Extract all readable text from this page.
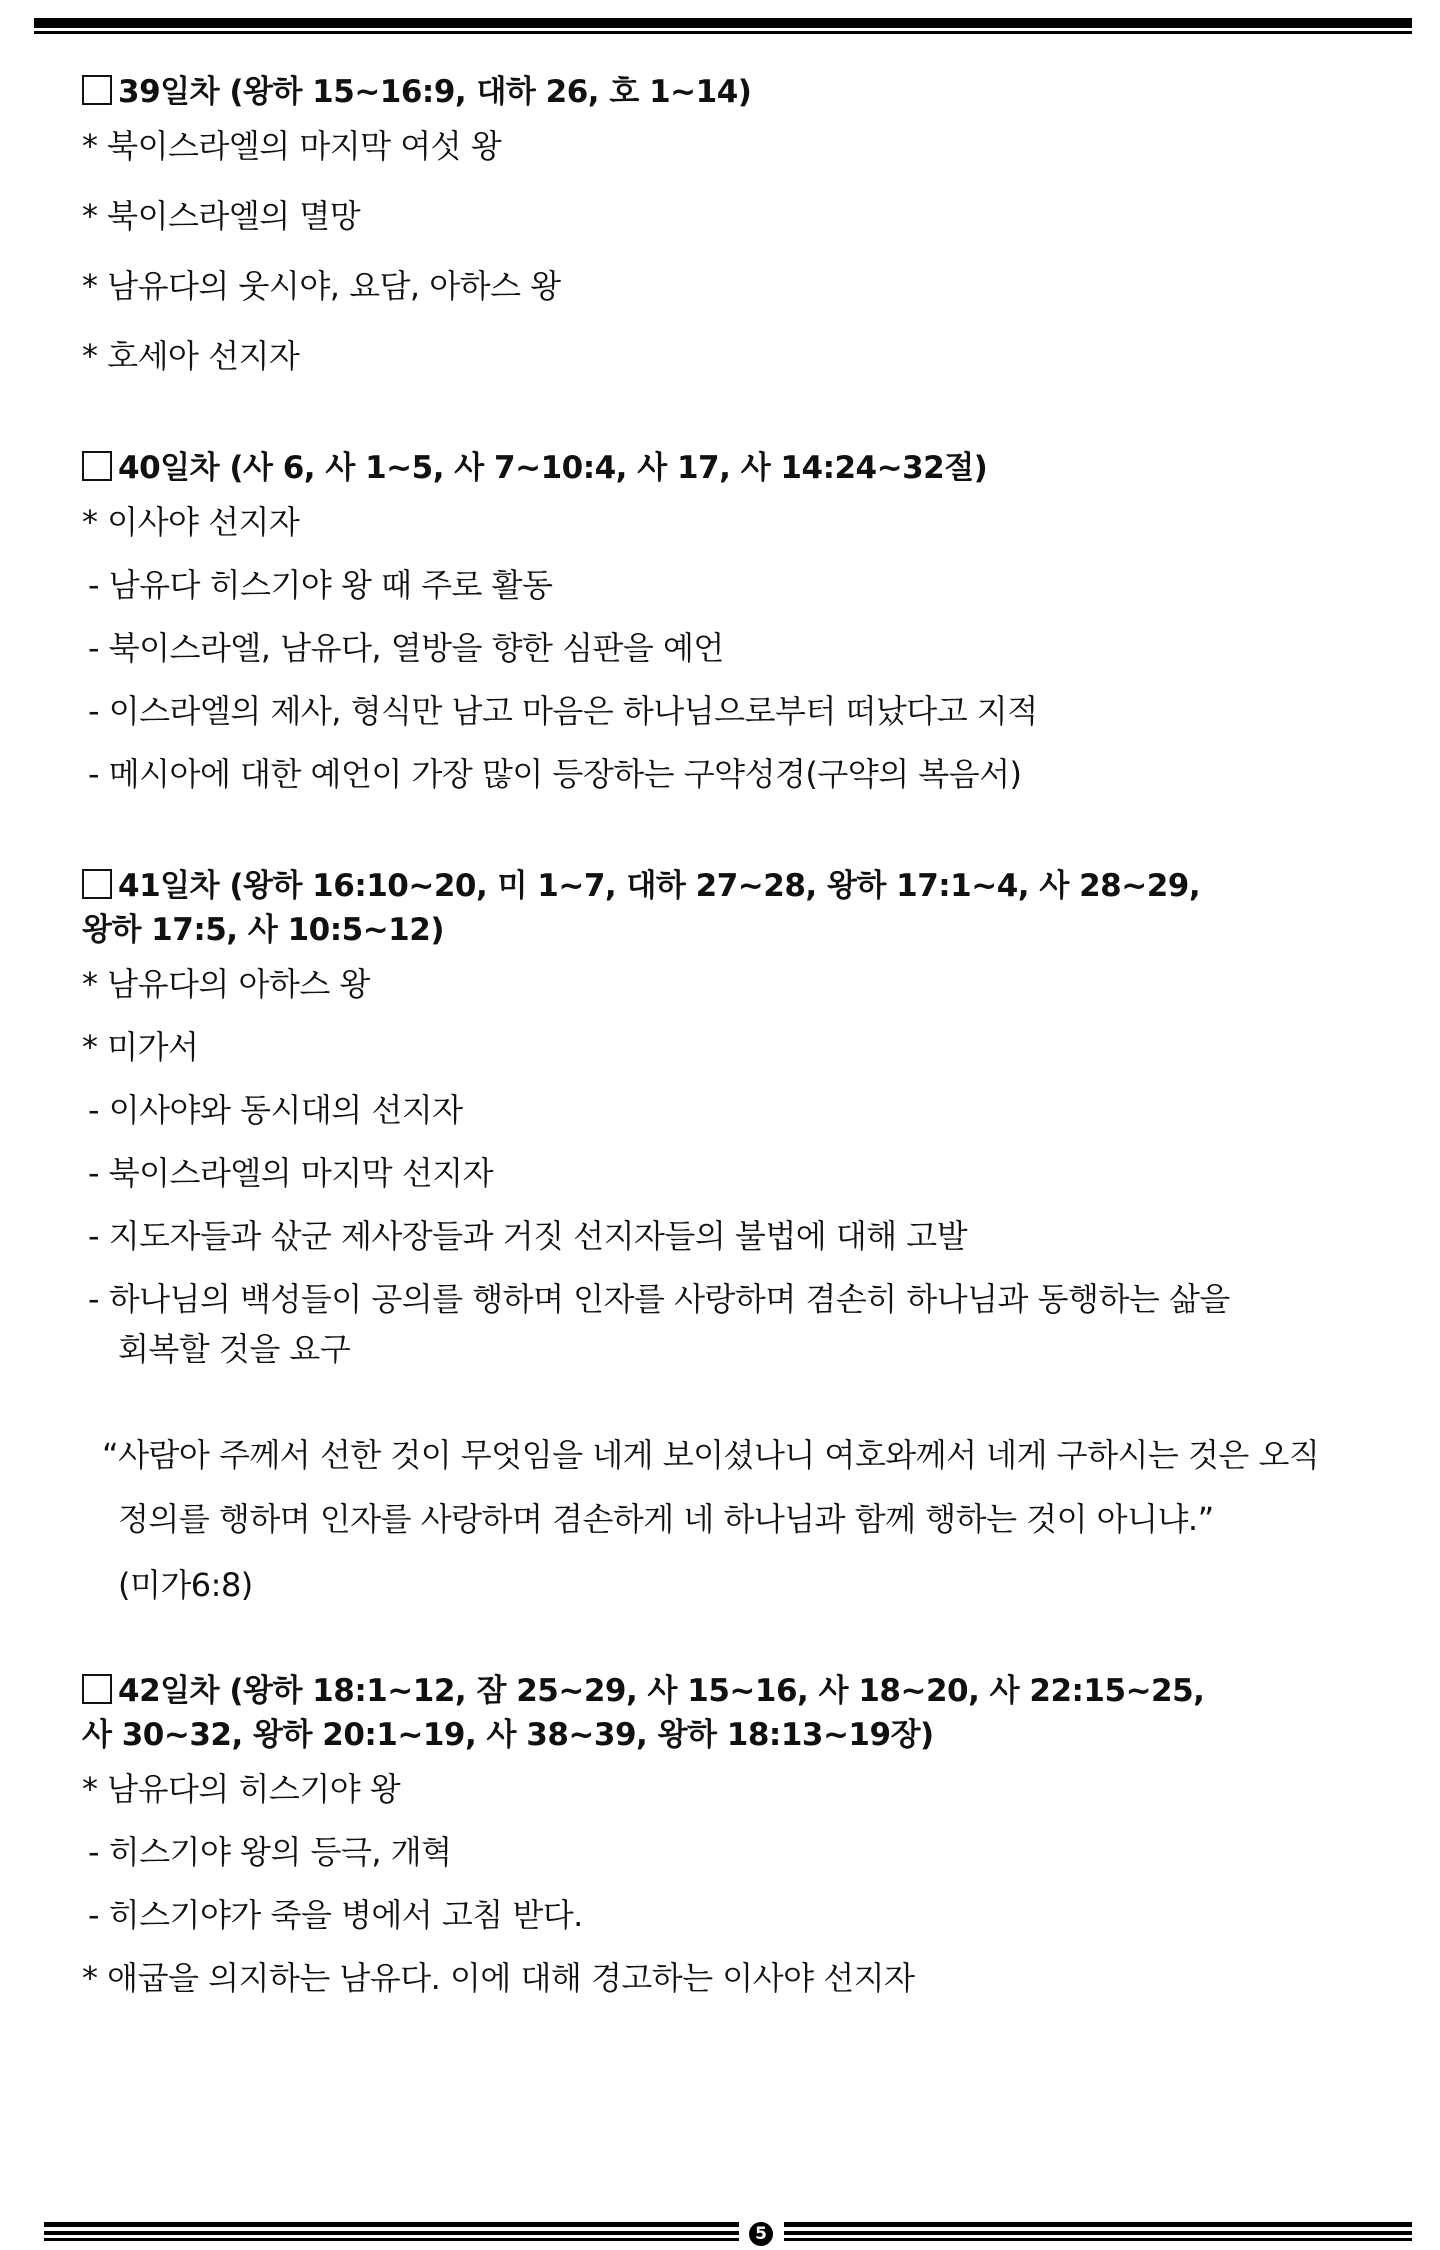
39일차 (왕하 15~16:9, 대하 26, 호 1~14)
* 북이스라엘의 마지막 여섯 왕
* 북이스라엘의 멸망
* 남유다의 웃시야, 요담, 아하스 왕
* 호세아 선지자
40일차 (사 6, 사 1~5, 사 7~10:4, 사 17, 사 14:24~32절)
* 이사야 선지자
- 남유다 히스기야 왕 때 주로 활동
- 북이스라엘, 남유다, 열방을 향한 심판을 예언
- 이스라엘의 제사, 형식만 남고 마음은 하나님으로부터 떠났다고 지적
- 메시아에 대한 예언이 가장 많이 등장하는 구약성경(구약의 복음서)
41일차 (왕하 16:10~20, 미 1~7, 대하 27~28, 왕하 17:1~4, 사 28~29,
왕하 17:5, 사 10:5~12)
* 남유다의 아하스 왕
* 미가서
- 이사야와 동시대의 선지자
- 북이스라엘의 마지막 선지자
- 지도자들과 삯군 제사장들과 거짓 선지자들의 불법에 대해 고발
- 하나님의 백성들이 공의를 행하며 인자를 사랑하며 겸손히 하나님과 동행하는 삶을
회복할 것을 요구
“사람아 주께서 선한 것이 무엇임을 네게 보이셨나니 여호와께서 네게 구하시는 것은 오직
정의를 행하며 인자를 사랑하며 겸손하게 네 하나님과 함께 행하는 것이 아니냐.”
(미가6:8)
42일차 (왕하 18:1~12, 잠 25~29, 사 15~16, 사 18~20, 사 22:15~25,
사 30~32, 왕하 20:1~19, 사 38~39, 왕하 18:13~19장)
* 남유다의 히스기야 왕
- 히스기야 왕의 등극, 개혁
- 히스기야가 죽을 병에서 고침 받다.
* 애굽을 의지하는 남유다. 이에 대해 경고하는 이사야 선지자
5
